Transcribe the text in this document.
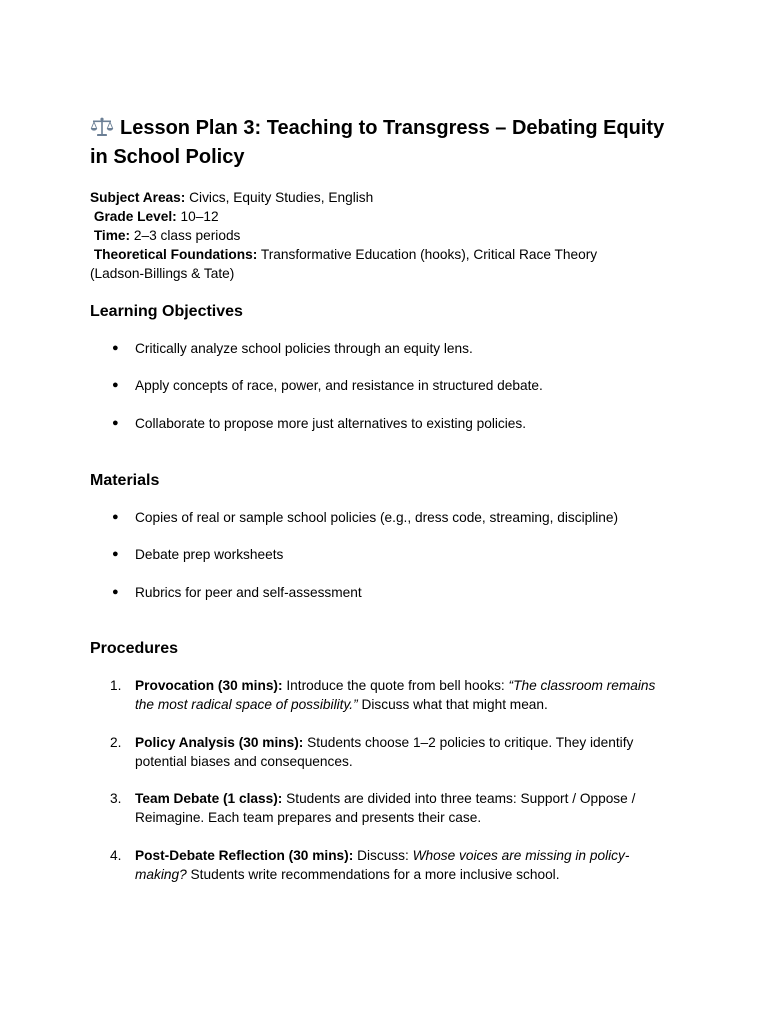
Lesson Plan 3: Teaching to Transgress – Debating Equity in School Policy

Subject Areas: Civics, Equity Studies, English

Grade Level: 10–12

Time: 2–3 class periods

Theoretical Foundations: Transformative Education (hooks), Critical Race Theory (Ladson-Billings & Tate)

Learning Objectives
● Critically analyze school policies through an equity lens.
● Apply concepts of race, power, and resistance in structured debate.
● Collaborate to propose more just alternatives to existing policies.
Materials
● Copies of real or sample school policies (e.g., dress code, streaming, discipline)
● Debate prep worksheets
● Rubrics for peer and self-assessment
Procedures
1. Provocation (30 mins): Introduce the quote from bell hooks: “The classroom remains the most radical space of possibility.” Discuss what that might mean.
2. Policy Analysis (30 mins): Students choose 1–2 policies to critique. They identify potential biases and consequences.
3. Team Debate (1 class): Students are divided into three teams: Support / Oppose / Reimagine. Each team prepares and presents their case.
4. Post-Debate Reflection (30 mins): Discuss: Whose voices are missing in policy-making? Students write recommendations for a more inclusive school.
